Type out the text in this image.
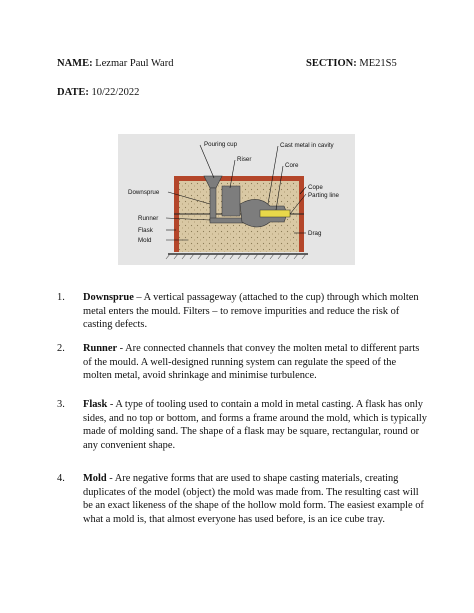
NAME: Lezmar Paul Ward	SECTION: ME21S5
DATE: 10/22/2022
Pouring cup
Riser
Cast metal in cavity
Core
Cope
Parting line
Downsprue
Runner
Flask
Mold
Drag
1. Downsprue – A vertical passageway (attached to the cup) through which molten metal enters the mould. Filters – to remove impurities and reduce the risk of casting defects.
2. Runner - Are connected channels that convey the molten metal to different parts of the mould. A well-designed running system can regulate the speed of the molten metal, avoid shrinkage and minimise turbulence.
3. Flask - A type of tooling used to contain a mold in metal casting. A flask has only sides, and no top or bottom, and forms a frame around the mold, which is typically made of molding sand. The shape of a flask may be square, rectangular, round or any convenient shape.
4. Mold - Are negative forms that are used to shape casting materials, creating duplicates of the model (object) the mold was made from. The resulting cast will be an exact likeness of the shape of the hollow mold form. The easiest example of what a mold is, that almost everyone has used before, is an ice cube tray.
